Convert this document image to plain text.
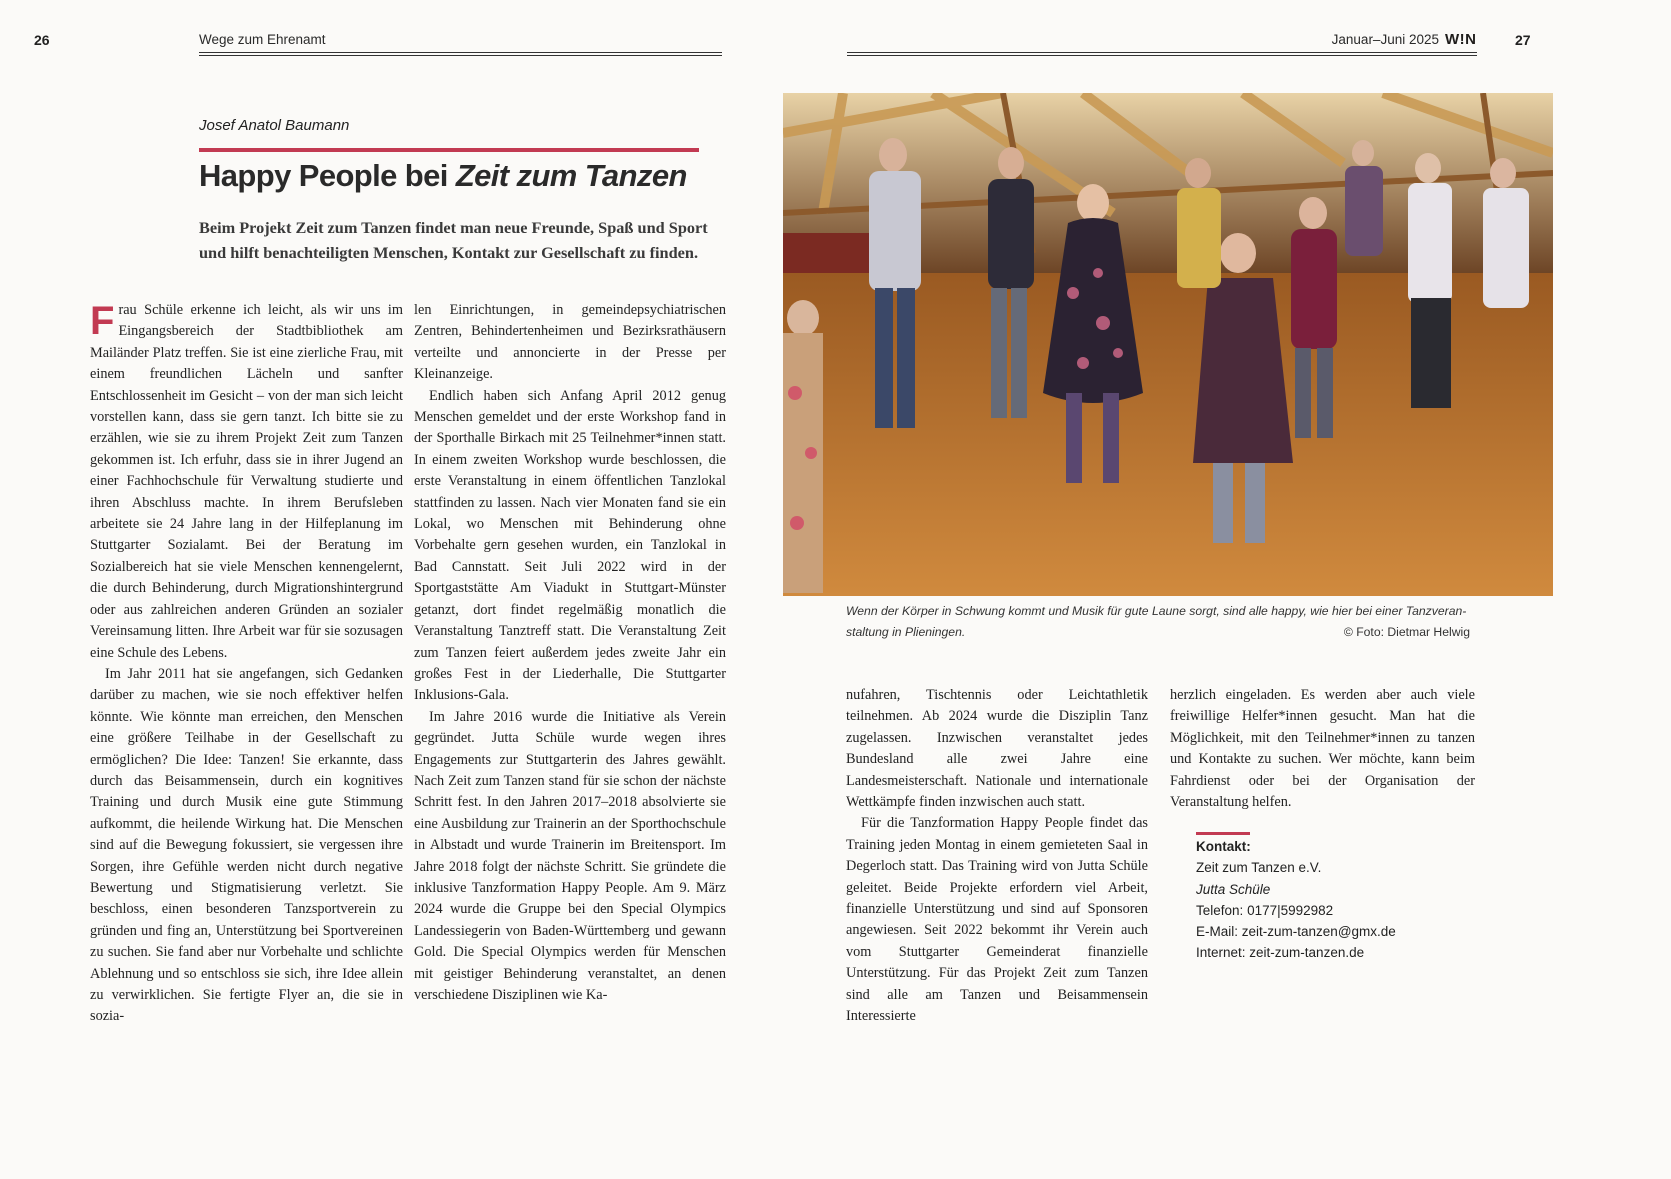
26	Wege zum Ehrenamt	Januar–Juni 2025 W!N	27
Josef Anatol Baumann
Happy People bei Zeit zum Tanzen
Beim Projekt Zeit zum Tanzen findet man neue Freunde, Spaß und Sport
und hilft benachteiligten Menschen, Kontakt zur Gesellschaft zu finden.

Frau Schüle erkenne ich leicht, als wir uns im Eingangsbereich der Stadtbibliothek am Mailänder Platz treffen. Sie ist eine zierliche Frau, mit einem freundlichen Lächeln und sanfter Entschlossenheit im Gesicht – von der man sich leicht vorstellen kann, dass sie gern tanzt. Ich bitte sie zu erzählen, wie sie zu ihrem Projekt Zeit zum Tanzen gekommen ist. Ich erfuhr, dass sie in ihrer Jugend an einer Fachhochschule für Verwaltung studierte und ihren Abschluss machte. In ihrem Berufsleben arbeitete sie 24 Jahre lang in der Hilfeplanung im Stuttgarter Sozialamt. Bei der Beratung im Sozialbereich hat sie viele Menschen kennengelernt, die durch Behinderung, durch Migrationshintergrund oder aus zahlreichen anderen Gründen an sozialer Vereinsamung litten. Ihre Arbeit war für sie sozusagen eine Schule des Lebens.

Im Jahr 2011 hat sie angefangen, sich Gedanken darüber zu machen, wie sie noch effektiver helfen könnte. Wie könnte man erreichen, den Menschen eine größere Teilhabe in der Gesellschaft zu ermöglichen? Die Idee: Tanzen! Sie erkannte, dass durch das Beisammensein, durch ein kognitives Training und durch Musik eine gute Stimmung aufkommt, die heilende Wirkung hat. Die Menschen sind auf die Bewegung fokussiert, sie vergessen ihre Sorgen, ihre Gefühle werden nicht durch negative Bewertung und Stigmatisierung verletzt. Sie beschloss, einen besonderen Tanzsportverein zu gründen und fing an, Unterstützung bei Sportvereinen zu suchen. Sie fand aber nur Vorbehalte und schlichte Ablehnung und so entschloss sie sich, ihre Idee allein zu verwirklichen. Sie fertigte Flyer an, die sie in sozia-

len Einrichtungen, in gemeindepsychiatrischen Zentren, Behindertenheimen und Bezirksrathäusern verteilte und annoncierte in der Presse per Kleinanzeige.

Endlich haben sich Anfang April 2012 genug Menschen gemeldet und der erste Workshop fand in der Sporthalle Birkach mit 25 Teilnehmer*innen statt. In einem zweiten Workshop wurde beschlossen, die erste Veranstaltung in einem öffentlichen Tanzlokal stattfinden zu lassen. Nach vier Monaten fand sie ein Lokal, wo Menschen mit Behinderung ohne Vorbehalte gern gesehen wurden, ein Tanzlokal in Bad Cannstatt. Seit Juli 2022 wird in der Sportgaststätte Am Viadukt in Stuttgart-Münster getanzt, dort findet regelmäßig monatlich die Veranstaltung Tanztreff statt. Die Veranstaltung Zeit zum Tanzen feiert außerdem jedes zweite Jahr ein großes Fest in der Liederhalle, Die Stuttgarter Inklusions-Gala.

Im Jahre 2016 wurde die Initiative als Verein gegründet. Jutta Schüle wurde wegen ihres Engagements zur Stuttgarterin des Jahres gewählt. Nach Zeit zum Tanzen stand für sie schon der nächste Schritt fest. In den Jahren 2017–2018 absolvierte sie eine Ausbildung zur Trainerin an der Sporthochschule in Albstadt und wurde Trainerin im Breitensport. Im Jahre 2018 folgt der nächste Schritt. Sie gründete die inklusive Tanzformation Happy People. Am 9. März 2024 wurde die Gruppe bei den Special Olympics Landessiegerin von Baden-Württemberg und gewann Gold. Die Special Olympics werden für Menschen mit geistiger Behinderung veranstaltet, an denen verschiedene Disziplinen wie Ka-

Wenn der Körper in Schwung kommt und Musik für gute Laune sorgt, sind alle happy, wie hier bei einer Tanzveran-
staltung in Plieningen.	© Foto: Dietmar Helwig

nufahren, Tischtennis oder Leichtathletik teilnehmen. Ab 2024 wurde die Disziplin Tanz zugelassen. Inzwischen veranstaltet jedes Bundesland alle zwei Jahre eine Landesmeisterschaft. Nationale und internationale Wettkämpfe finden inzwischen auch statt.

Für die Tanzformation Happy People findet das Training jeden Montag in einem gemieteten Saal in Degerloch statt. Das Training wird von Jutta Schüle geleitet. Beide Projekte erfordern viel Arbeit, finanzielle Unterstützung und sind auf Sponsoren angewiesen. Seit 2022 bekommt ihr Verein auch vom Stuttgarter Gemeinderat finanzielle Unterstützung. Für das Projekt Zeit zum Tanzen sind alle am Tanzen und Beisammensein Interessierte

herzlich eingeladen. Es werden aber auch viele freiwillige Helfer*innen gesucht. Man hat die Möglichkeit, mit den Teilnehmer*innen zu tanzen und Kontakte zu suchen. Wer möchte, kann beim Fahrdienst oder bei der Organisation der Veranstaltung helfen.

Kontakt:
Zeit zum Tanzen e.V.
Jutta Schüle
Telefon: 0177|5992982
E-Mail: zeit-zum-tanzen@gmx.de
Internet: zeit-zum-tanzen.de
